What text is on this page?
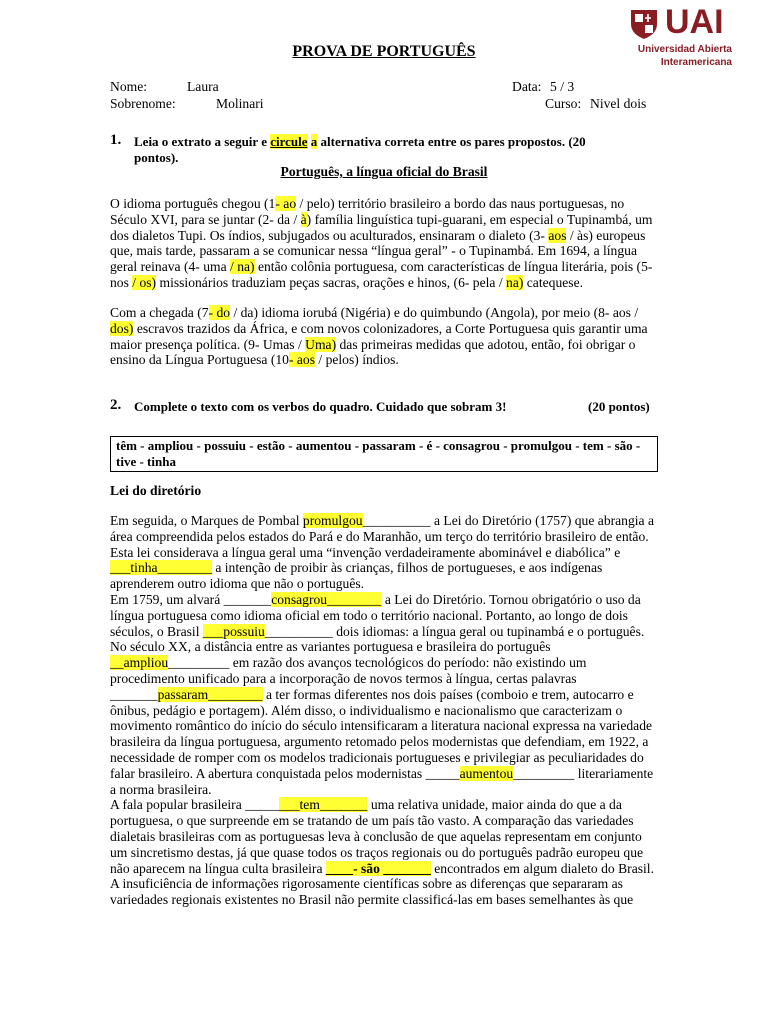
UAI
Universidad Abierta
Interamericana
PROVA DE PORTUGUÊS
Nome:	Laura	Data: 5 / 3
Sobrenome:	Molinari	Curso: Nivel dois
1. Leia o extrato a seguir e circule a alternativa correta entre os pares propostos. (20
pontos).
Português, a língua oficial do Brasil
O idioma português chegou (1- ao / pelo) território brasileiro a bordo das naus portuguesas, no Século XVI, para se juntar (2- da / à) família linguística tupi-guarani, em especial o Tupinambá, um dos dialetos Tupi. Os índios, subjugados ou aculturados, ensinaram o dialeto (3- aos / às) europeus que, mais tarde, passaram a se comunicar nessa “língua geral” - o Tupinambá. Em 1694, a língua geral reinava (4- uma / na) então colônia portuguesa, com características de língua literária, pois (5- nos / os) missionários traduziam peças sacras, orações e hinos, (6- pela / na) catequese.
Com a chegada (7- do / da) idioma iorubá (Nigéria) e do quimbundo (Angola), por meio (8- aos / dos) escravos trazidos da África, e com novos colonizadores, a Corte Portuguesa quis garantir uma maior presença política. (9- Umas / Uma) das primeiras medidas que adotou, então, foi obrigar o ensino da Língua Portuguesa (10- aos / pelos) índios.
2. Complete o texto com os verbos do quadro. Cuidado que sobram 3!	(20 pontos)
têm - ampliou - possuiu - estão - aumentou - passaram - é - consagrou - promulgou - tem - são - tive - tinha
Lei do diretório
Em seguida, o Marques de Pombal promulgou__________ a Lei do Diretório (1757) que abrangia a área compreendida pelos estados do Pará e do Maranhão, um terço do território brasileiro de então. Esta lei considerava a língua geral uma “invenção verdadeiramente abominável e diabólica” e ___tinha________ a intenção de proibir às crianças, filhos de portugueses, e aos indígenas aprenderem outro idioma que não o português.
Em 1759, um alvará _______consagrou________ a Lei do Diretório. Tornou obrigatório o uso da língua portuguesa como idioma oficial em todo o território nacional. Portanto, ao longo de dois séculos, o Brasil ___possuiu__________ dois idiomas: a língua geral ou tupinambá e o português.
No século XX, a distância entre as variantes portuguesa e brasileira do português __ampliou_________ em razão dos avanços tecnológicos do período: não existindo um procedimento unificado para a incorporação de novos termos à língua, certas palavras _______passaram________ a ter formas diferentes nos dois países (comboio e trem, autocarro e ônibus, pedágio e portagem). Além disso, o individualismo e nacionalismo que caracterizam o movimento romântico do início do século intensificaram a literatura nacional expressa na variedade brasileira da língua portuguesa, argumento retomado pelos modernistas que defendiam, em 1922, a necessidade de romper com os modelos tradicionais portugueses e privilegiar as peculiaridades do falar brasileiro. A abertura conquistada pelos modernistas _____aumentou_________ literariamente a norma brasileira.
A fala popular brasileira ________tem_______ uma relativa unidade, maior ainda do que a da portuguesa, o que surpreende em se tratando de um país tão vasto. A comparação das variedades dialetais brasileiras com as portuguesas leva à conclusão de que aquelas representam em conjunto um sincretismo destas, já que quase todos os traços regionais ou do português padrão europeu que não aparecem na língua culta brasileira ____- são _______ encontrados em algum dialeto do Brasil.
A insuficiência de informações rigorosamente científicas sobre as diferenças que separaram as variedades regionais existentes no Brasil não permite classificá-las em bases semelhantes às que
